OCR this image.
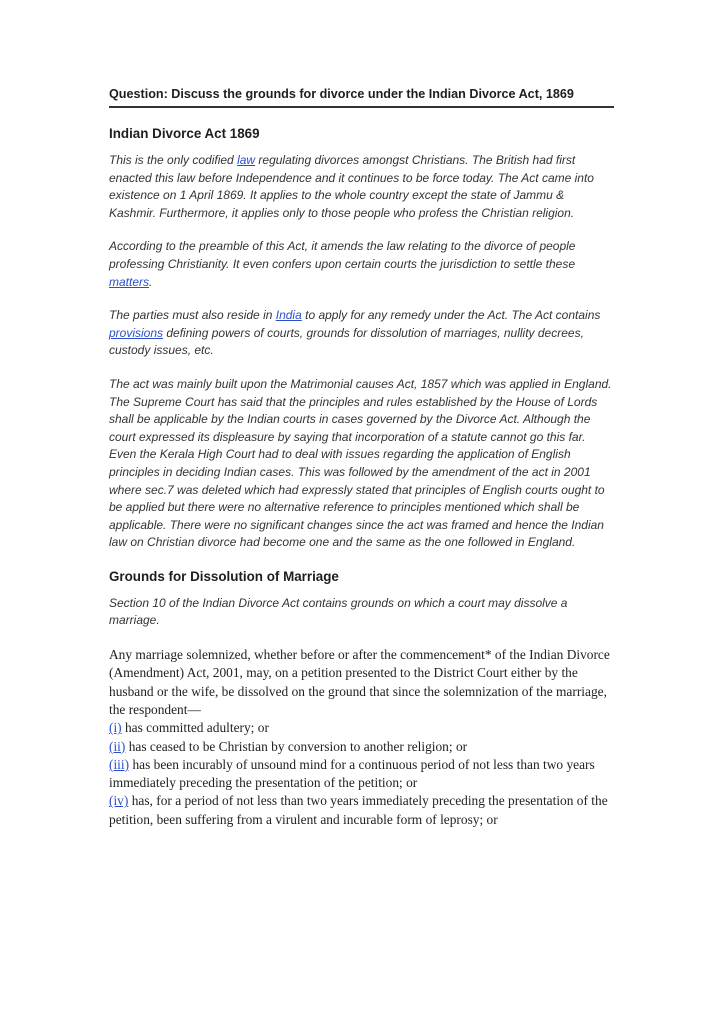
Question: Discuss the grounds for divorce under the Indian Divorce Act, 1869
Indian Divorce Act 1869

This is the only codified law regulating divorces amongst Christians. The British had first enacted this law before Independence and it continues to be force today. The Act came into existence on 1 April 1869. It applies to the whole country except the state of Jammu & Kashmir. Furthermore, it applies only to those people who profess the Christian religion.

According to the preamble of this Act, it amends the law relating to the divorce of people professing Christianity. It even confers upon certain courts the jurisdiction to settle these matters.

The parties must also reside in India to apply for any remedy under the Act. The Act contains provisions defining powers of courts, grounds for dissolution of marriages, nullity decrees, custody issues, etc.

The act was mainly built upon the Matrimonial causes Act, 1857 which was applied in England. The Supreme Court has said that the principles and rules established by the House of Lords shall be applicable by the Indian courts in cases governed by the Divorce Act. Although the court expressed its displeasure by saying that incorporation of a statute cannot go this far. Even the Kerala High Court had to deal with issues regarding the application of English principles in deciding Indian cases. This was followed by the amendment of the act in 2001 where sec.7 was deleted which had expressly stated that principles of English courts ought to be applied but there were no alternative reference to principles mentioned which shall be applicable. There were no significant changes since the act was framed and hence the Indian law on Christian divorce had become one and the same as the one followed in England.

Grounds for Dissolution of Marriage

Section 10 of the Indian Divorce Act contains grounds on which a court may dissolve a marriage.

Any marriage solemnized, whether before or after the commencement* of the Indian Divorce (Amendment) Act, 2001, may, on a petition presented to the District Court either by the husband or the wife, be dissolved on the ground that since the solemnization of the marriage, the respondent—
(i) has committed adultery; or
(ii) has ceased to be Christian by conversion to another religion; or
(iii) has been incurably of unsound mind for a continuous period of not less than two years immediately preceding the presentation of the petition; or
(iv) has, for a period of not less than two years immediately preceding the presentation of the petition, been suffering from a virulent and incurable form of leprosy; or
